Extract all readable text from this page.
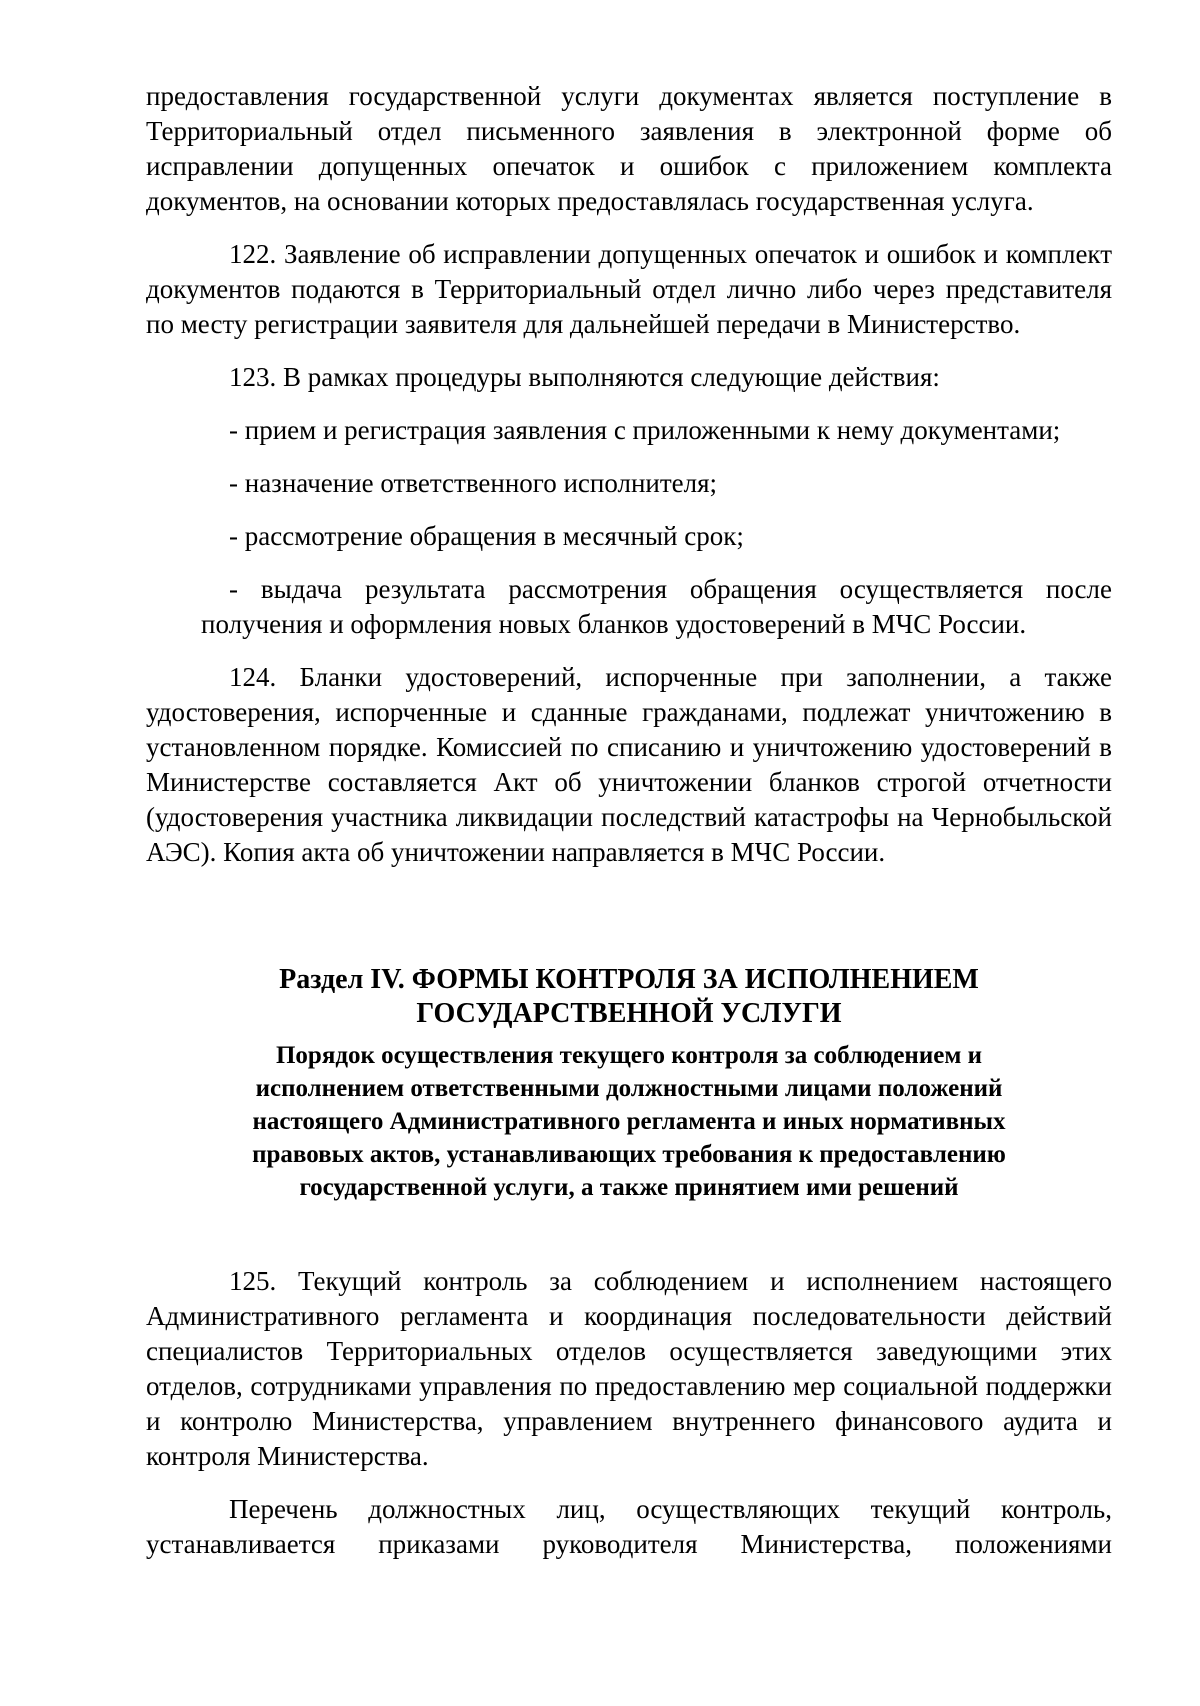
предоставления государственной услуги документах является поступление в Территориальный отдел письменного заявления в электронной форме об исправлении допущенных опечаток и ошибок с приложением комплекта документов, на основании которых предоставлялась государственная услуга.

122. Заявление об исправлении допущенных опечаток и ошибок и комплект документов подаются в Территориальный отдел лично либо через представителя по месту регистрации заявителя для дальнейшей передачи в Министерство.

123. В рамках процедуры выполняются следующие действия:

- прием и регистрация заявления с приложенными к нему документами;

- назначение ответственного исполнителя;

- рассмотрение обращения в месячный срок;

- выдача результата рассмотрения обращения осуществляется после получения и оформления новых бланков удостоверений в МЧС России.

124. Бланки удостоверений, испорченные при заполнении, а также удостоверения, испорченные и сданные гражданами, подлежат уничтожению в установленном порядке. Комиссией по списанию и уничтожению удостоверений в Министерстве составляется Акт об уничтожении бланков строгой отчетности (удостоверения участника ликвидации последствий катастрофы на Чернобыльской АЭС). Копия акта об уничтожении направляется в МЧС России.

Раздел IV. ФОРМЫ КОНТРОЛЯ ЗА ИСПОЛНЕНИЕМ
ГОСУДАРСТВЕННОЙ УСЛУГИ
Порядок осуществления текущего контроля за соблюдением и
исполнением ответственными должностными лицами положений
настоящего Административного регламента и иных нормативных
правовых актов, устанавливающих требования к предоставлению
государственной услуги, а также принятием ими решений

125. Текущий контроль за соблюдением и исполнением настоящего Административного регламента и координация последовательности действий специалистов Территориальных отделов осуществляется заведующими этих отделов, сотрудниками управления по предоставлению мер социальной поддержки и контролю Министерства, управлением внутреннего финансового аудита и контроля Министерства.

Перечень должностных лиц, осуществляющих текущий контроль, устанавливается приказами руководителя Министерства, положениями
